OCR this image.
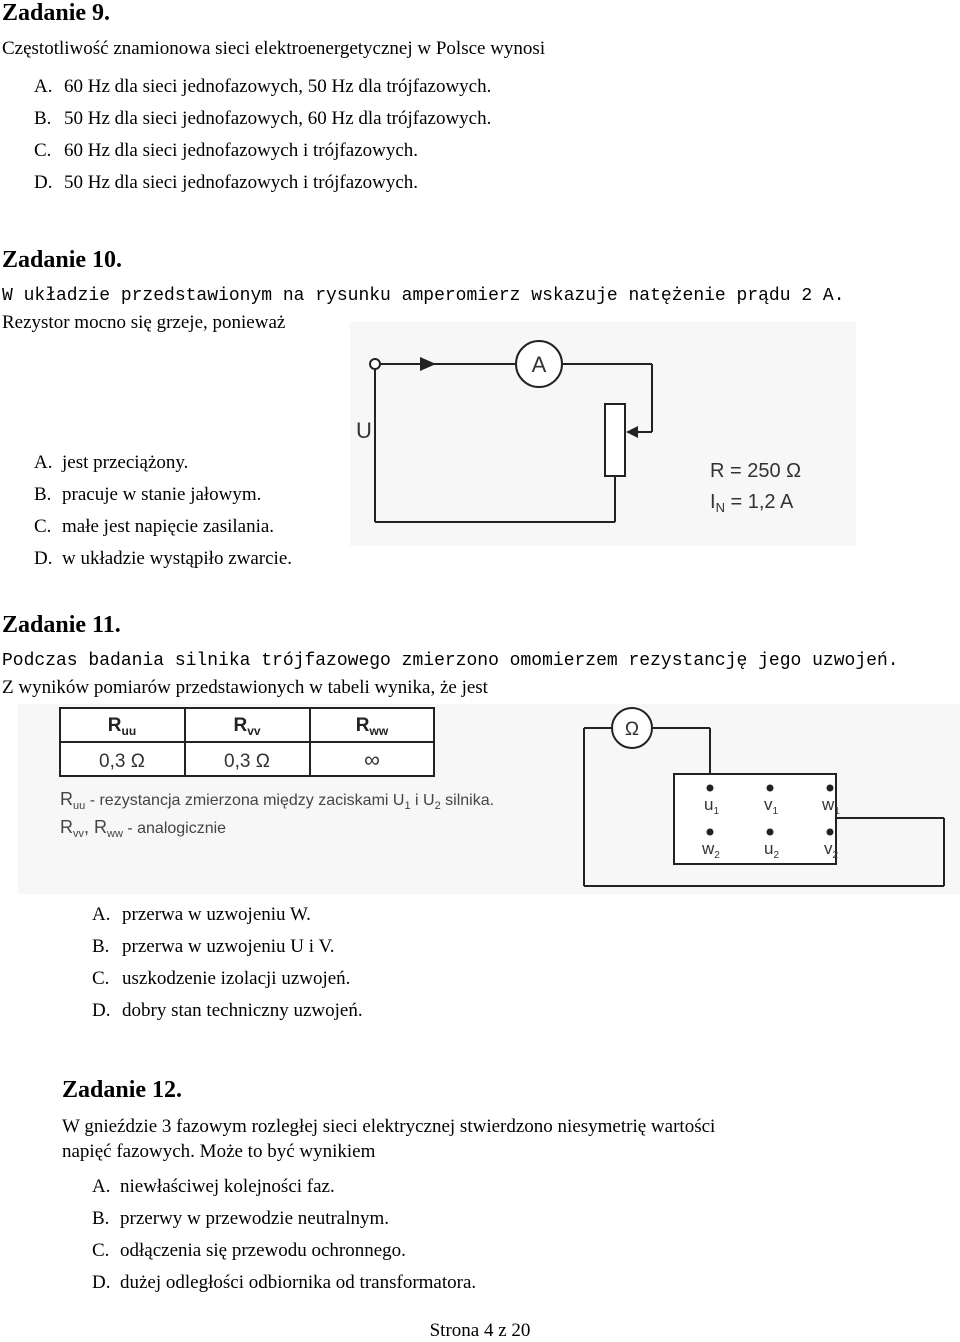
Zadanie 9.
Częstotliwość znamionowa sieci elektroenergetycznej w Polsce wynosi
A. 60 Hz dla sieci jednofazowych, 50 Hz dla trójfazowych.
B. 50 Hz dla sieci jednofazowych, 60 Hz dla trójfazowych.
C. 60 Hz dla sieci jednofazowych i trójfazowych.
D. 50 Hz dla sieci jednofazowych i trójfazowych.
Zadanie 10.
W układzie przedstawionym na rysunku amperomierz wskazuje natężenie prądu 2 A.
Rezystor mocno się grzeje, ponieważ
A. jest przeciążony.
B. pracuje w stanie jałowym.
C. małe jest napięcie zasilania.
D. w układzie wystąpiło zwarcie.
A
U
R = 250 Ω
$I_N = 1,2$ A
Zadanie 11.
Podczas badania silnika trójfazowego zmierzono omomierzem rezystancję jego uzwojeń.
Z wyników pomiarów przedstawionych w tabeli wynika, że jest
$R_{uu}$	$R_{vv}$	$R_{ww}$
0,3 Ω	0,3 Ω	∞
$R_{uu}$ - rezystancja zmierzona między zaciskami $U_1$ i $U_2$ silnika.
$R_{vv}$, $R_{ww}$ - analogicznie
Ω
$u_1$	$v_1$	$w_1$
$w_2$	$u_2$	$v_2$
A. przerwa w uzwojeniu W.
B. przerwa w uzwojeniu U i V.
C. uszkodzenie izolacji uzwojeń.
D. dobry stan techniczny uzwojeń.
Zadanie 12.
W gnieździe 3 fazowym rozległej sieci elektrycznej stwierdzono niesymetrię wartości
napięć fazowych. Może to być wynikiem
A. niewłaściwej kolejności faz.
B. przerwy w przewodzie neutralnym.
C. odłączenia się przewodu ochronnego.
D. dużej odległości odbiornika od transformatora.
Strona 4 z 20
